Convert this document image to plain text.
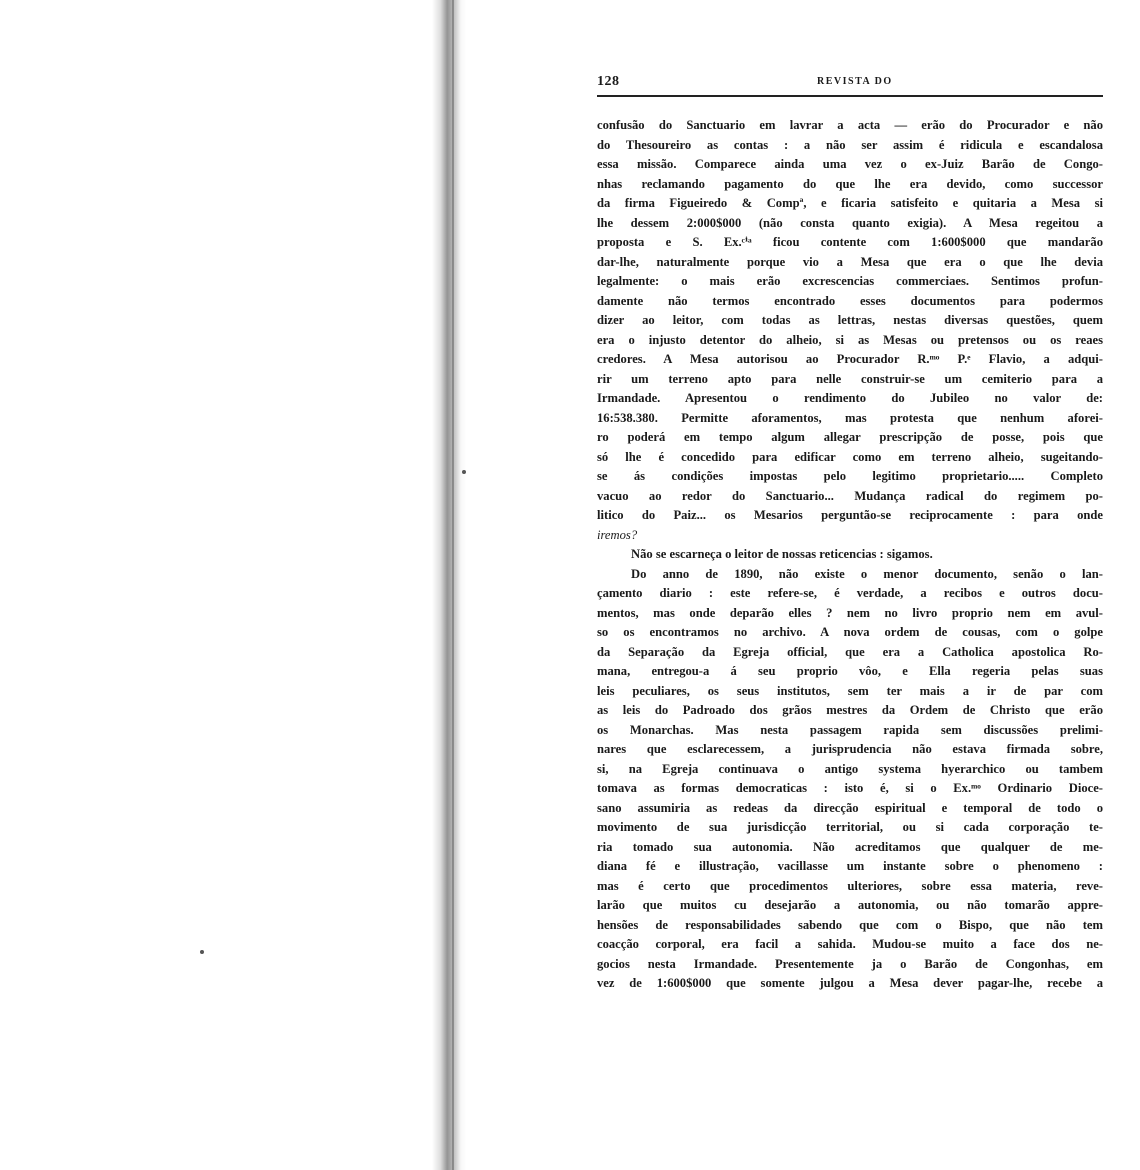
128	REVISTA DO
confusão do Sanctuario em lavrar a acta — erão do Procurador e não
do Thesoureiro as contas : a não ser assim é ridicula e escandalosa
essa missão. Comparece ainda uma vez o ex-Juiz Barão de Congo-
nhas reclamando pagamento do que lhe era devido, como successor
da firma Figueiredo & Compª, e ficaria satisfeito e quitaria a Mesa si
lhe dessem 2:000$000 (não consta quanto exigia). A Mesa regeitou a
proposta e S. Ex.ᶜⁱᵃ ficou contente com 1:600$000 que mandarão
dar-lhe, naturalmente porque vio a Mesa que era o que lhe devia
legalmente: o mais erão excrescencias commerciaes. Sentimos profun-
damente não termos encontrado esses documentos para podermos
dizer ao leitor, com todas as lettras, nestas diversas questões, quem
era o injusto detentor do alheio, si as Mesas ou pretensos ou os reaes
credores. A Mesa autorisou ao Procurador R.ᵐᵒ P.ᵉ Flavio, a adqui-
rir um terreno apto para nelle construir-se um cemiterio para a
Irmandade. Apresentou o rendimento do Jubileo no valor de:
16:538.380. Permitte aforamentos, mas protesta que nenhum aforei-
ro poderá em tempo algum allegar prescripção de posse, pois que
só lhe é concedido para edificar como em terreno alheio, sugeitando-
se ás condições impostas pelo legitimo proprietario..... Completo
vacuo ao redor do Sanctuario... Mudança radical do regimem po-
litico do Paiz... os Mesarios perguntão-se reciprocamente : para onde
iremos?
Não se escarneça o leitor de nossas reticencias : sigamos.
Do anno de 1890, não existe o menor documento, senão o lan-
çamento diario : este refere-se, é verdade, a recibos e outros docu-
mentos, mas onde deparão elles ? nem no livro proprio nem em avul-
so os encontramos no archivo. A nova ordem de cousas, com o golpe
da Separação da Egreja official, que era a Catholica apostolica Ro-
mana, entregou-a á seu proprio vôo, e Ella regeria pelas suas
leis peculiares, os seus institutos, sem ter mais a ir de par com
as leis do Padroado dos grãos mestres da Ordem de Christo que erão
os Monarchas. Mas nesta passagem rapida sem discussões prelimi-
nares que esclarecessem, a jurisprudencia não estava firmada sobre,
si, na Egreja continuava o antigo systema hyerarchico ou tambem
tomava as formas democraticas : isto é, si o Ex.ᵐᵒ Ordinario Dioce-
sano assumiria as redeas da direcção espiritual e temporal de todo o
movimento de sua jurisdicção territorial, ou si cada corporação te-
ria tomado sua autonomia. Não acreditamos que qualquer de me-
diana fé e illustração, vacillasse um instante sobre o phenomeno :
mas é certo que procedimentos ulteriores, sobre essa materia, reve-
larão que muitos cu desejarão a autonomia, ou não tomarão appre-
hensões de responsabilidades sabendo que com o Bispo, que não tem
coacção corporal, era facil a sahida. Mudou-se muito a face dos ne-
gocios nesta Irmandade. Presentemente ja o Barão de Congonhas, em
vez de 1:600$000 que somente julgou a Mesa dever pagar-lhe, recebe a
